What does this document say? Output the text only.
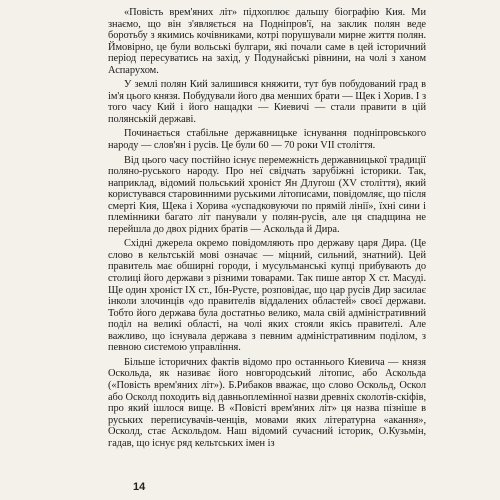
«Повість врем'яних літ» підхоплює дальшу біографію Кия. Ми знаємо, що він з'являється на Подніпров'ї, на заклик полян веде боротьбу з якимись кочівниками, котрі порушували мирне життя полян. Ймовірно, це були вольські булгари, які почали саме в цей історичний період пересуватись на захід, у Подунайські рівнини, на чолі з ханом Аспарухом.

У землі полян Кий залишився княжити, тут був побудований град в ім'я цього князя. Побудували його два менших брати — Щек і Хорив. І з того часу Кий і його нащадки — Киевичі — стали правити в цій полянській державі.

Починається стабільне державницьке існування подніпровського народу — слов'ян і русів. Це були 60 — 70 роки VII століття.

Від цього часу постійно існує перемежність державницької традиції полянo-руського народу. Про неї свідчать зарубіжні історики. Так, наприклад, відомий польський хроніст Ян Длугош (XV століття), який користувався старовинними руськими літописами, повідомляє, що після смерті Кия, Щека і Хорива «успадковуючи по прямій лінії», їхні сини і племінники багато літ панували у полян-русів, але ця спадщина не перейшла до двох рідних братів — Аскольда й Дира.

Східні джерела окремо повідомляють про державу царя Дира. (Це слово в кельтській мові означає — міцний, сильний, знатний). Цей правитель має обширні городи, і мусульманські купці прибувають до столиці його держави з різними товарами. Так пише автор X ст. Масуді. Ще один хроніст IX ст., Ібн-Русте, розповідає, що цар русів Дир засилає інколи злочинців «до правителів віддалених областей» своєї держави. Тобто його держава була достатньо велико, мала свій адміністративний поділ на великі області, на чолі яких стояли якісь правителі. Але важливо, що існувала держава з певним адміністративним поділом, з певною системою управління.

Більше історичних фактів відомо про останнього Киевича — князя Оскольда, як називає його новгородський літопис, або Аскольда («Повість врем'яних літ»). Б.Рибаков вважає, що слово Оскольд, Оскол або Осколд походить від давньоплемінної назви древніх сколотів-скіфів, про який ішлося вище. В «Повісті врем'яних літ» ця назва пізніше в руських переписувачів-ченців, мовами яких літературна «акання», Осколд, стає Аскольдом. Наш відомий сучасний історик, О.Кузьмін, гадав, що існує ряд кельтських імен із

14
